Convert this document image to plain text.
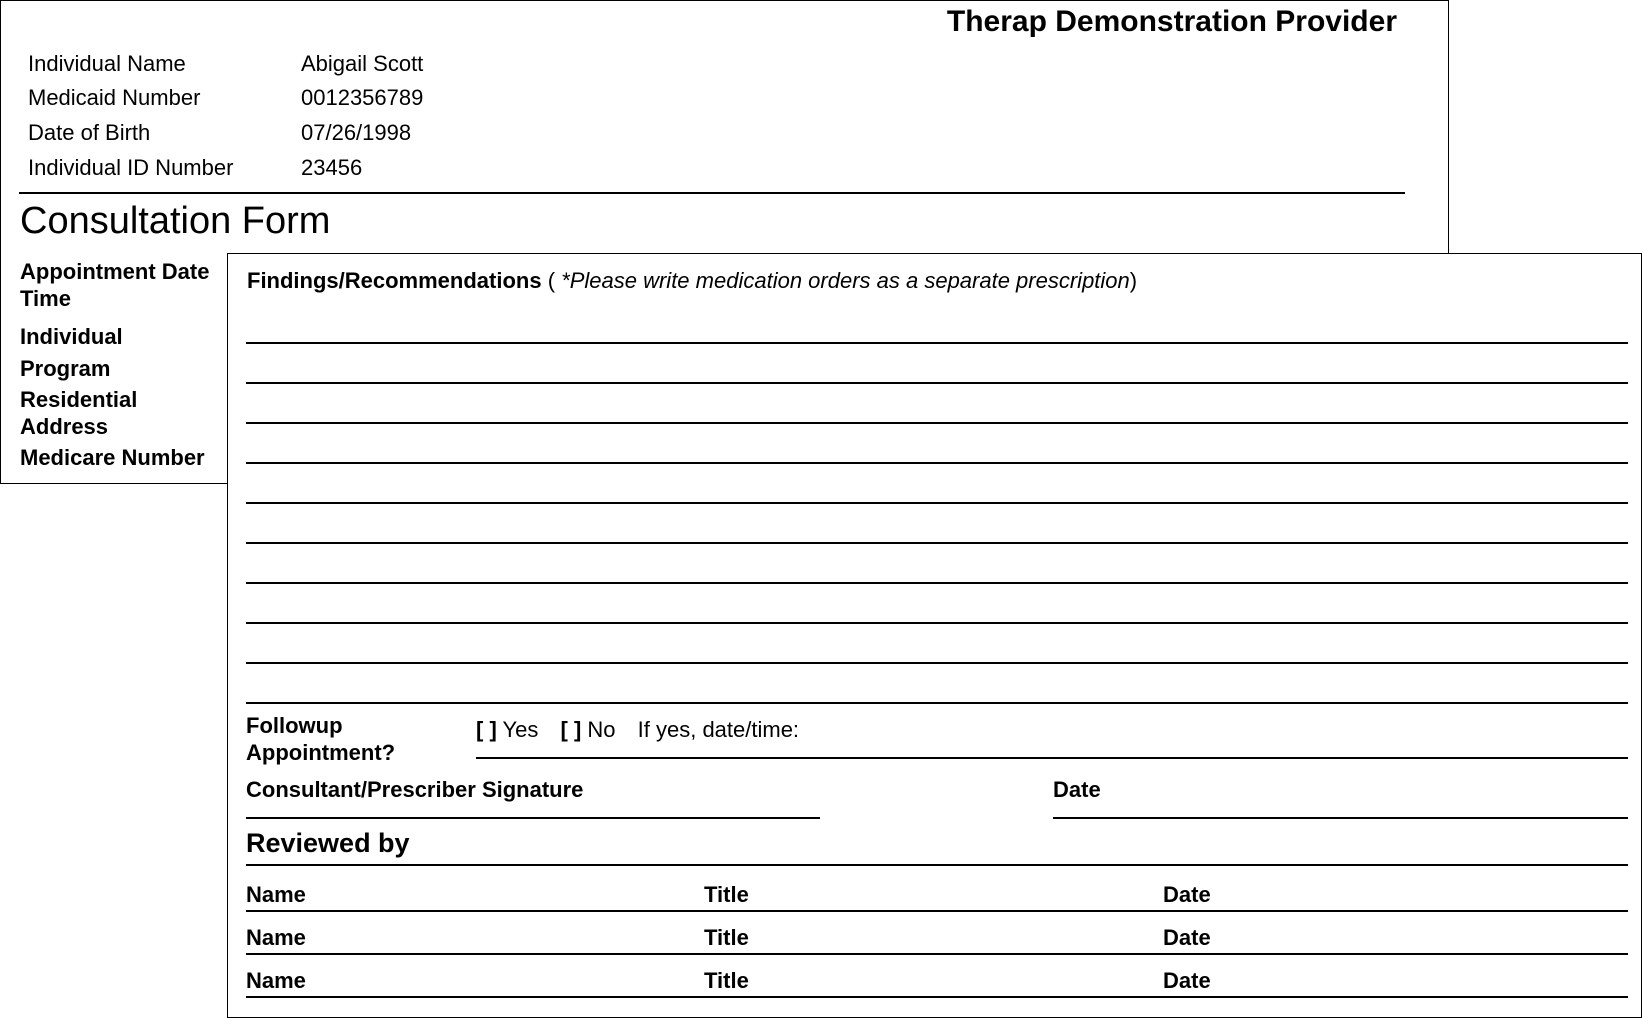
Therap Demonstration Provider
Individual Name	Abigail Scott
Medicaid Number	0012356789
Date of Birth	07/26/1998
Individual ID Number	23456
Consultation Form
Appointment Date
Time
Individual
Program
Residential
Address
Medicare Number
Findings/Recommendations ( *Please write medication orders as a separate prescription)
Followup
Appointment?
[ ] Yes [ ] No If yes, date/time:
Consultant/Prescriber Signature	Date
Reviewed by
Name	Title	Date
Name	Title	Date
Name	Title	Date
